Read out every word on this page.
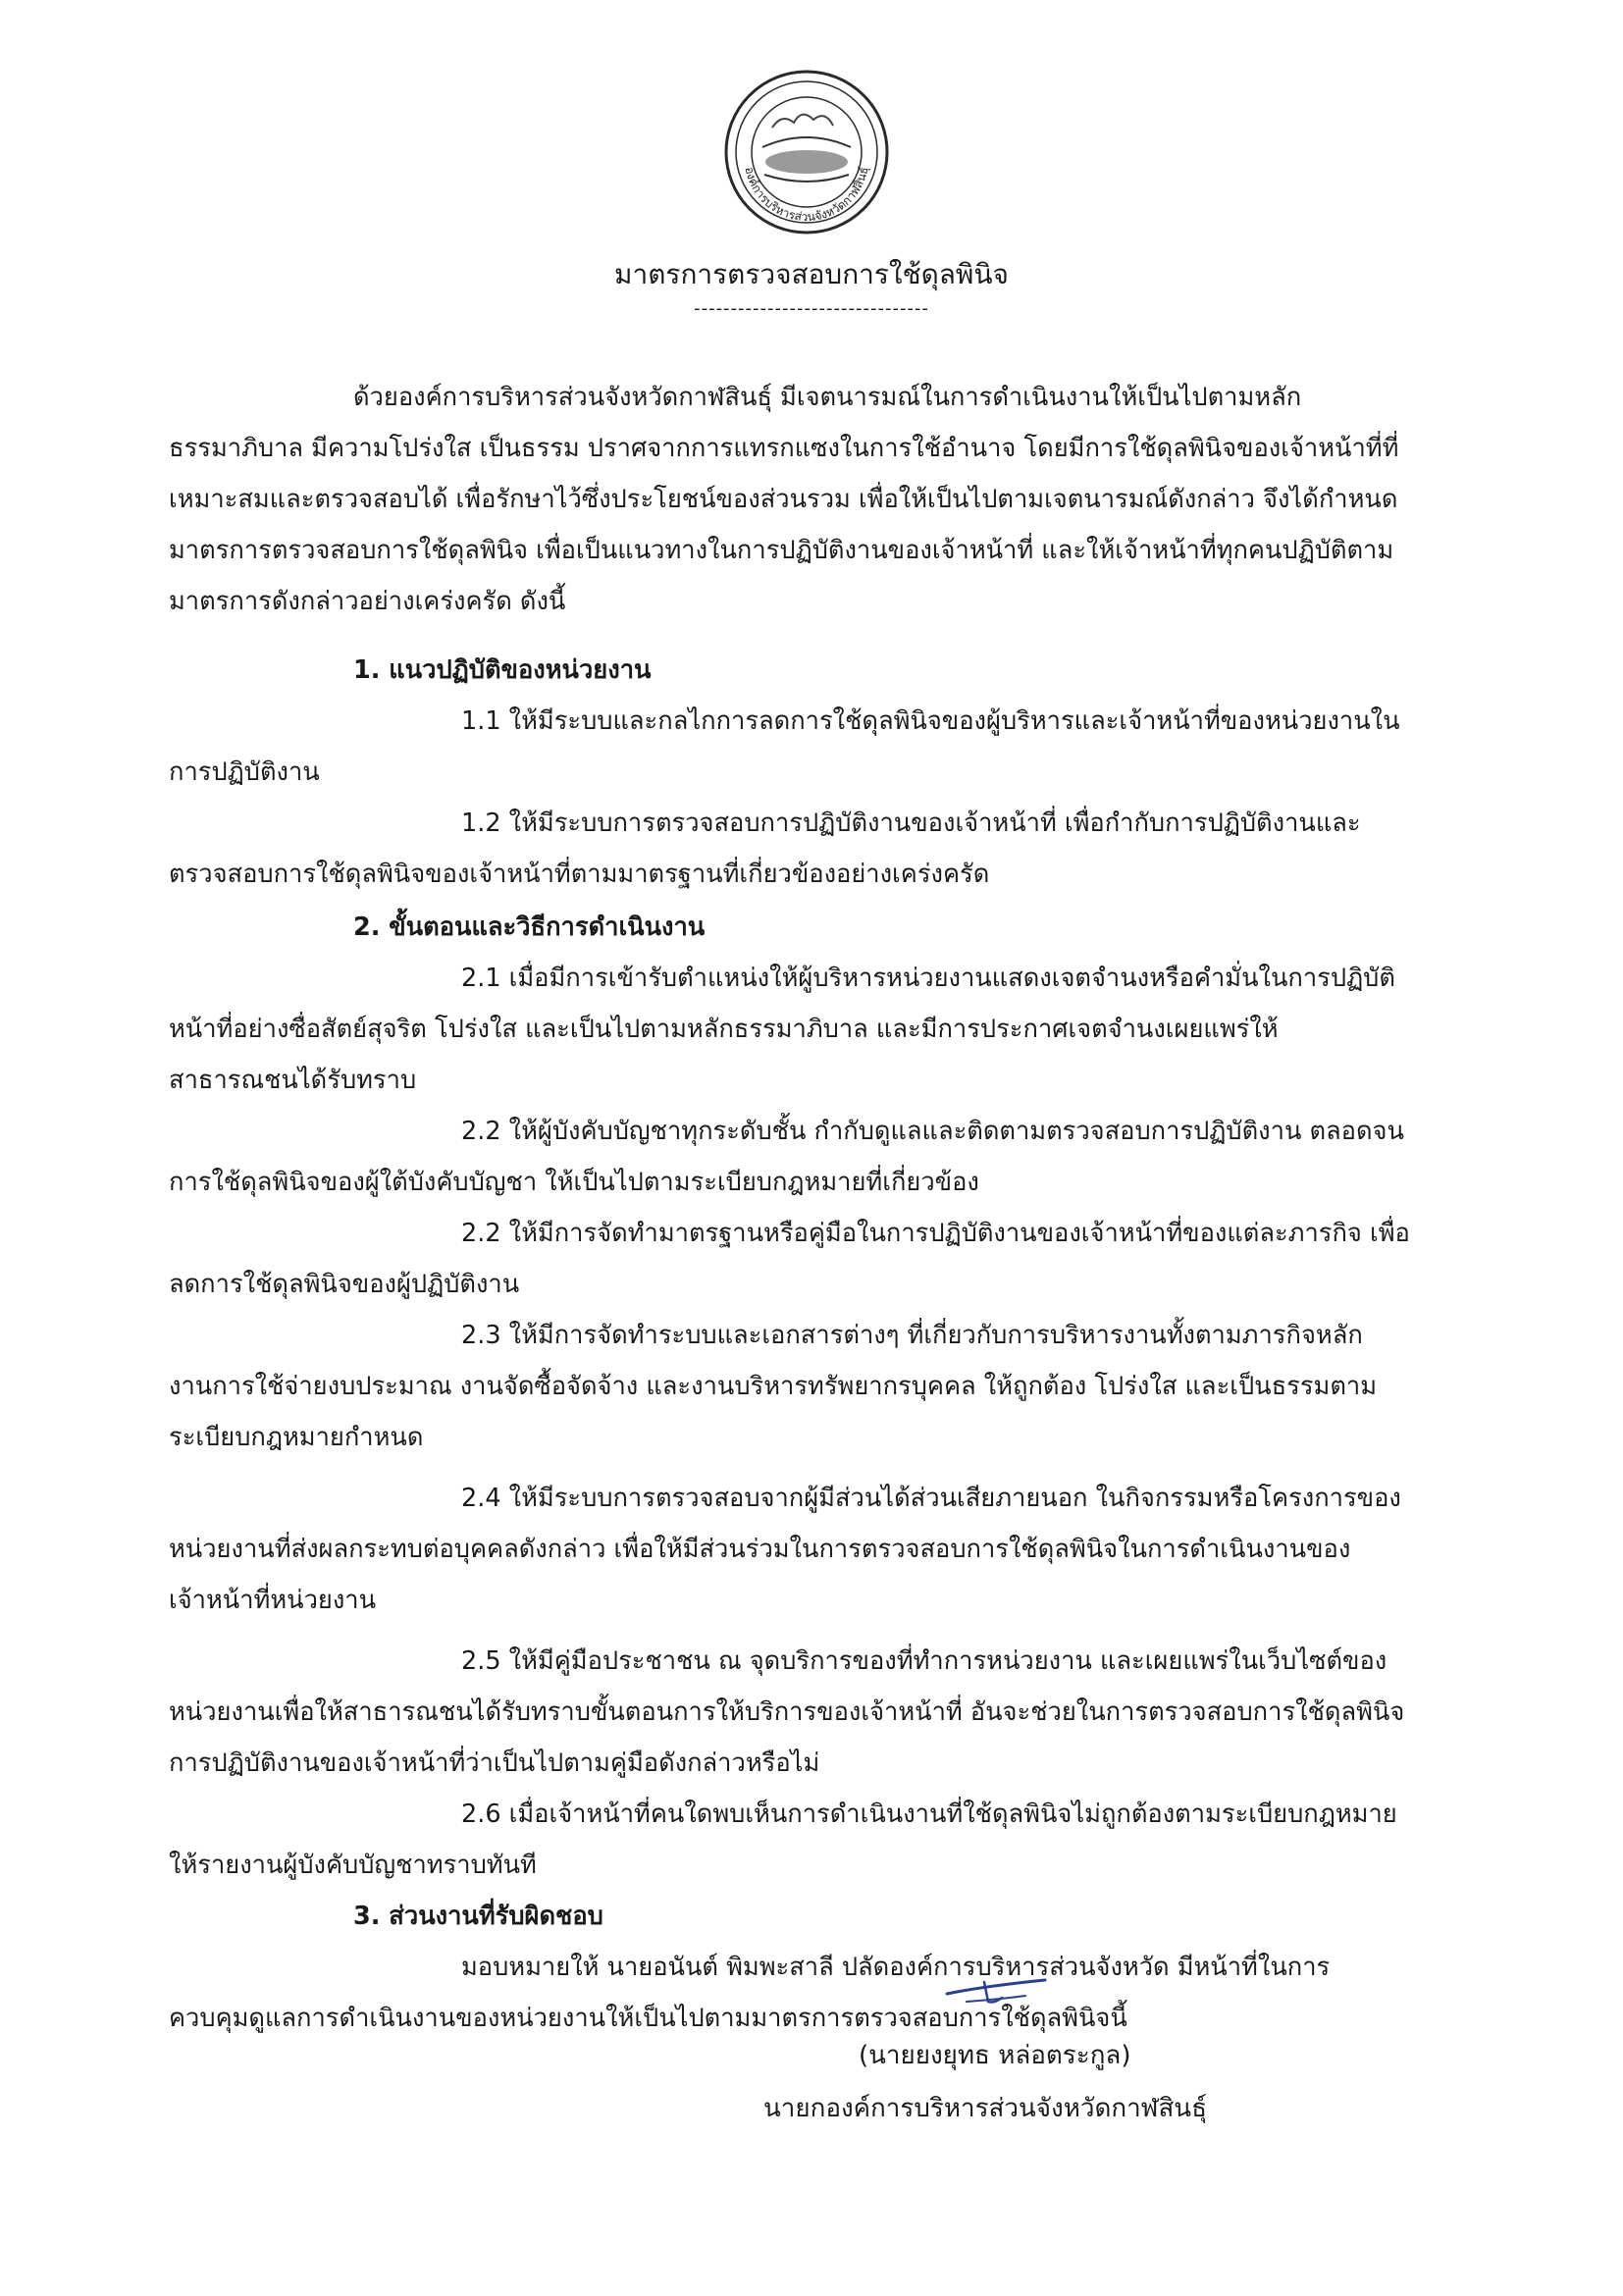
องค์การบริหารส่วนจังหวัดกาฬสินธุ์
มาตรการตรวจสอบการใช้ดุลพินิจ
--------------------------------
ด้วยองค์การบริหารส่วนจังหวัดกาฬสินธุ์ มีเจตนารมณ์ในการดำเนินงานให้เป็นไปตามหลัก
ธรรมาภิบาล มีความโปร่งใส เป็นธรรม ปราศจากการแทรกแซงในการใช้อำนาจ โดยมีการใช้ดุลพินิจของเจ้าหน้าที่ที่
เหมาะสมและตรวจสอบได้ เพื่อรักษาไว้ซึ่งประโยชน์ของส่วนรวม เพื่อให้เป็นไปตามเจตนารมณ์ดังกล่าว จึงได้กำหนด
มาตรการตรวจสอบการใช้ดุลพินิจ เพื่อเป็นแนวทางในการปฏิบัติงานของเจ้าหน้าที่ และให้เจ้าหน้าที่ทุกคนปฏิบัติตาม
มาตรการดังกล่าวอย่างเคร่งครัด ดังนี้
1. แนวปฏิบัติของหน่วยงาน
1.1 ให้มีระบบและกลไกการลดการใช้ดุลพินิจของผู้บริหารและเจ้าหน้าที่ของหน่วยงานใน
การปฏิบัติงาน
1.2 ให้มีระบบการตรวจสอบการปฏิบัติงานของเจ้าหน้าที่ เพื่อกำกับการปฏิบัติงานและ
ตรวจสอบการใช้ดุลพินิจของเจ้าหน้าที่ตามมาตรฐานที่เกี่ยวข้องอย่างเคร่งครัด
2. ขั้นตอนและวิธีการดำเนินงาน
2.1 เมื่อมีการเข้ารับตำแหน่งให้ผู้บริหารหน่วยงานแสดงเจตจำนงหรือคำมั่นในการปฏิบัติ
หน้าที่อย่างซื่อสัตย์สุจริต โปร่งใส และเป็นไปตามหลักธรรมาภิบาล และมีการประกาศเจตจำนงเผยแพร่ให้
สาธารณชนได้รับทราบ
2.2 ให้ผู้บังคับบัญชาทุกระดับชั้น กำกับดูแลและติดตามตรวจสอบการปฏิบัติงาน ตลอดจน
การใช้ดุลพินิจของผู้ใต้บังคับบัญชา ให้เป็นไปตามระเบียบกฎหมายที่เกี่ยวข้อง
2.2 ให้มีการจัดทำมาตรฐานหรือคู่มือในการปฏิบัติงานของเจ้าหน้าที่ของแต่ละภารกิจ เพื่อ
ลดการใช้ดุลพินิจของผู้ปฏิบัติงาน
2.3 ให้มีการจัดทำระบบและเอกสารต่างๆ ที่เกี่ยวกับการบริหารงานทั้งตามภารกิจหลัก
งานการใช้จ่ายงบประมาณ งานจัดซื้อจัดจ้าง และงานบริหารทรัพยากรบุคคล ให้ถูกต้อง โปร่งใส และเป็นธรรมตาม
ระเบียบกฎหมายกำหนด
2.4 ให้มีระบบการตรวจสอบจากผู้มีส่วนได้ส่วนเสียภายนอก ในกิจกรรมหรือโครงการของ
หน่วยงานที่ส่งผลกระทบต่อบุคคลดังกล่าว เพื่อให้มีส่วนร่วมในการตรวจสอบการใช้ดุลพินิจในการดำเนินงานของ
เจ้าหน้าที่หน่วยงาน
2.5 ให้มีคู่มือประชาชน ณ จุดบริการของที่ทำการหน่วยงาน และเผยแพร่ในเว็บไซต์ของ
หน่วยงานเพื่อให้สาธารณชนได้รับทราบขั้นตอนการให้บริการของเจ้าหน้าที่ อันจะช่วยในการตรวจสอบการใช้ดุลพินิจ
การปฏิบัติงานของเจ้าหน้าที่ว่าเป็นไปตามคู่มือดังกล่าวหรือไม่
2.6 เมื่อเจ้าหน้าที่คนใดพบเห็นการดำเนินงานที่ใช้ดุลพินิจไม่ถูกต้องตามระเบียบกฎหมาย
ให้รายงานผู้บังคับบัญชาทราบทันที
3. ส่วนงานที่รับผิดชอบ
มอบหมายให้ นายอนันต์ พิมพะสาลี ปลัดองค์การบริหารส่วนจังหวัด มีหน้าที่ในการ
ควบคุมดูแลการดำเนินงานของหน่วยงานให้เป็นไปตามมาตรการตรวจสอบการใช้ดุลพินิจนี้
(นายยงยุทธ หล่อตระกูล)
นายกองค์การบริหารส่วนจังหวัดกาฬสินธุ์
